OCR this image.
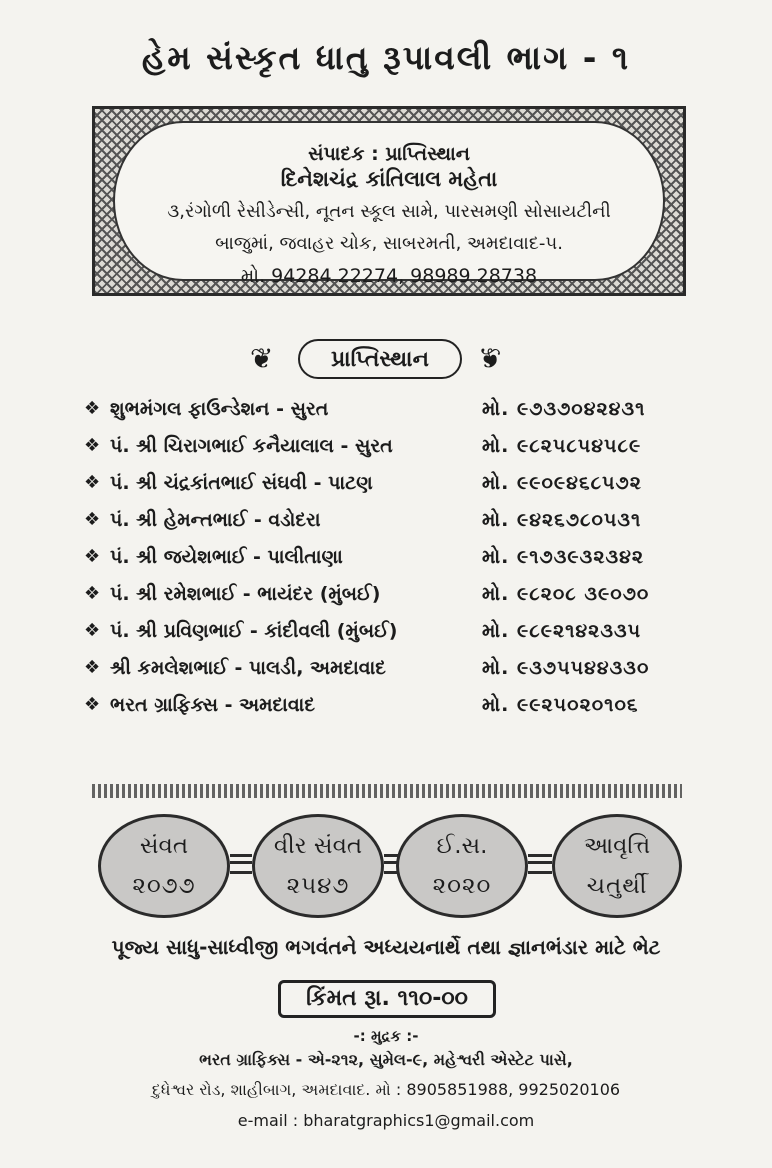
હેમ સંસ્કૃત ધાતુ રૂપાવલી ભાગ - ૧
સંપાદક : પ્રાપ્તિસ્થાન
દિનેશચંદ્ર કાંતિલાલ મહેતા
૩,રંગોળી રેસીડેન્સી, નૂતન સ્કૂલ સામે, પારસમણી સોસાયટીની
બાજુમાં, જવાહર ચોક, સાબરમતી, અમદાવાદ-૫.
મો. 94284 22274, 98989 28738
❦	પ્રાપ્તિસ્થાન	❦
❖ શુભમંગલ ફાઉન્ડેશન - સુરત	મો. ૯૭૩૭૦૪૨૪૩૧
❖ પં. શ્રી ચિરાગભાઈ કનૈયાલાલ - સુરત	મો. ૯૮૨૫૮૫૪૫૮૯
❖ પં. શ્રી ચંદ્રકાંતભાઈ સંઘવી - પાટણ	મો. ૯૯૦૯૪૬૮૫૭૨
❖ પં. શ્રી હેમન્તભાઈ - વડોદરા	મો. ૯૪૨૬૭૮૦૫૩૧
❖ પં. શ્રી જયેશભાઈ - પાલીતાણા	મો. ૯૧૭૩૯૩૨૩૪૨
❖ પં. શ્રી રમેશભાઈ - ભાયંદર (મુંબઈ)	મો. ૯૮૨૦૮ ૩૯૦૭૦
❖ પં. શ્રી પ્રવિણભાઈ - કાંદીવલી (મુંબઈ)	મો. ૯૮૯૨૧૪૨૩૩૫
❖ શ્રી કમલેશભાઈ - પાલડી, અમદાવાદ	મો. ૯૩૭૫૫૪૪૩૩૦
❖ ભરત ગ્રાફિક્સ - અમદાવાદ	મો. ૯૯૨૫૦૨૦૧૦૬
સંવત
૨૦૭૭
વીર સંવત
૨૫૪૭
ઈ.સ.
૨૦૨૦
આવૃત્તિ
ચતુર્થી
પૂજ્ય સાધુ-સાધ્વીજી ભગવંતને અધ્યયનાર્થે તથા જ્ઞાનભંડાર માટે ભેટ
કિંમત રૂા. ૧૧૦-૦૦
-: મુદ્રક :-
ભરત ગ્રાફિક્સ - એ-૨૧૨, સુમેલ-૯, મહેશ્વરી એસ્ટેટ પાસે,
દુધેશ્વર રોડ, શાહીબાગ, અમદાવાદ. મો : 8905851988, 9925020106
e-mail : bharatgraphics1@gmail.com
